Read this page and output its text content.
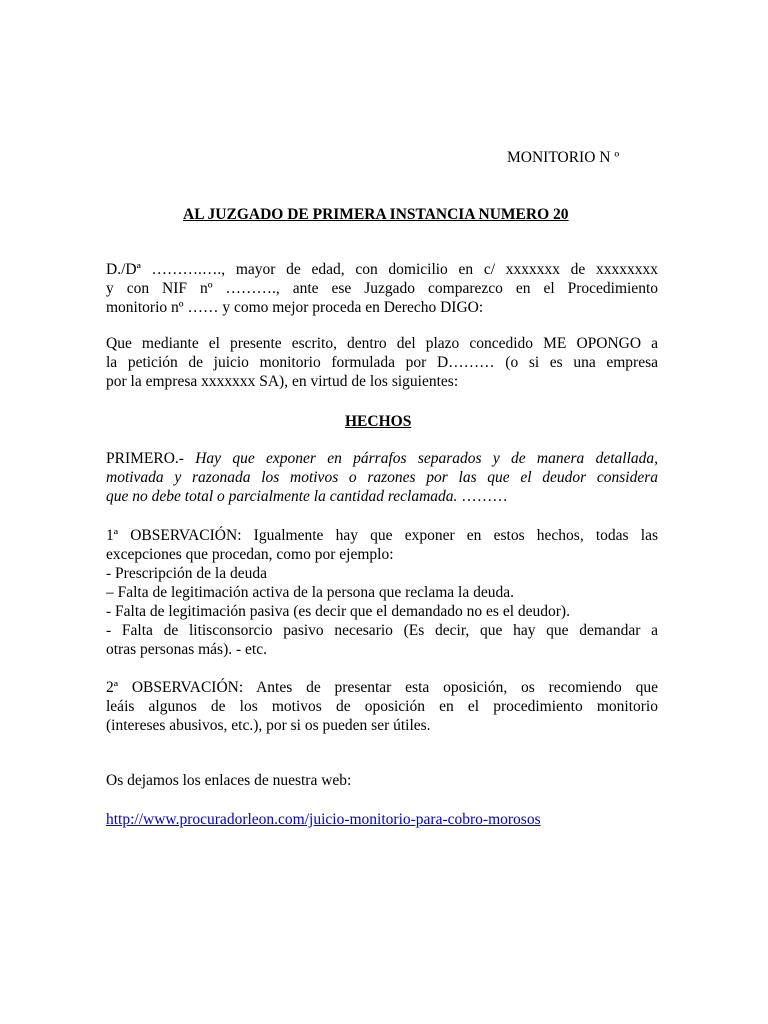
MONITORIO N º

AL JUZGADO DE PRIMERA INSTANCIA NUMERO 20

D./Dª ……….…., mayor de edad, con domicilio en c/ xxxxxxx de xxxxxxxx
y con NIF nº ………., ante ese Juzgado comparezco en el Procedimiento
monitorio nº …… y como mejor proceda en Derecho DIGO:
Que mediante el presente escrito, dentro del plazo concedido ME OPONGO a
la petición de juicio monitorio formulada por D……… (o si es una empresa
por la empresa xxxxxxx SA), en virtud de los siguientes:

HECHOS

PRIMERO.- Hay que exponer en párrafos separados y de manera detallada,
motivada y razonada los motivos o razones por las que el deudor considera
que no debe total o parcialmente la cantidad reclamada. ………
1ª OBSERVACIÓN: Igualmente hay que exponer en estos hechos, todas las
excepciones que procedan, como por ejemplo:
- Prescripción de la deuda
– Falta de legitimación activa de la persona que reclama la deuda.
- Falta de legitimación pasiva (es decir que el demandado no es el deudor).
- Falta de litisconsorcio pasivo necesario (Es decir, que hay que demandar a
otras personas más). - etc.
2ª OBSERVACIÓN: Antes de presentar esta oposición, os recomiendo que
leáis algunos de los motivos de oposición en el procedimiento monitorio
(intereses abusivos, etc.), por si os pueden ser útiles.

Os dejamos los enlaces de nuestra web:

http://www.procuradorleon.com/juicio-monitorio-para-cobro-morosos
